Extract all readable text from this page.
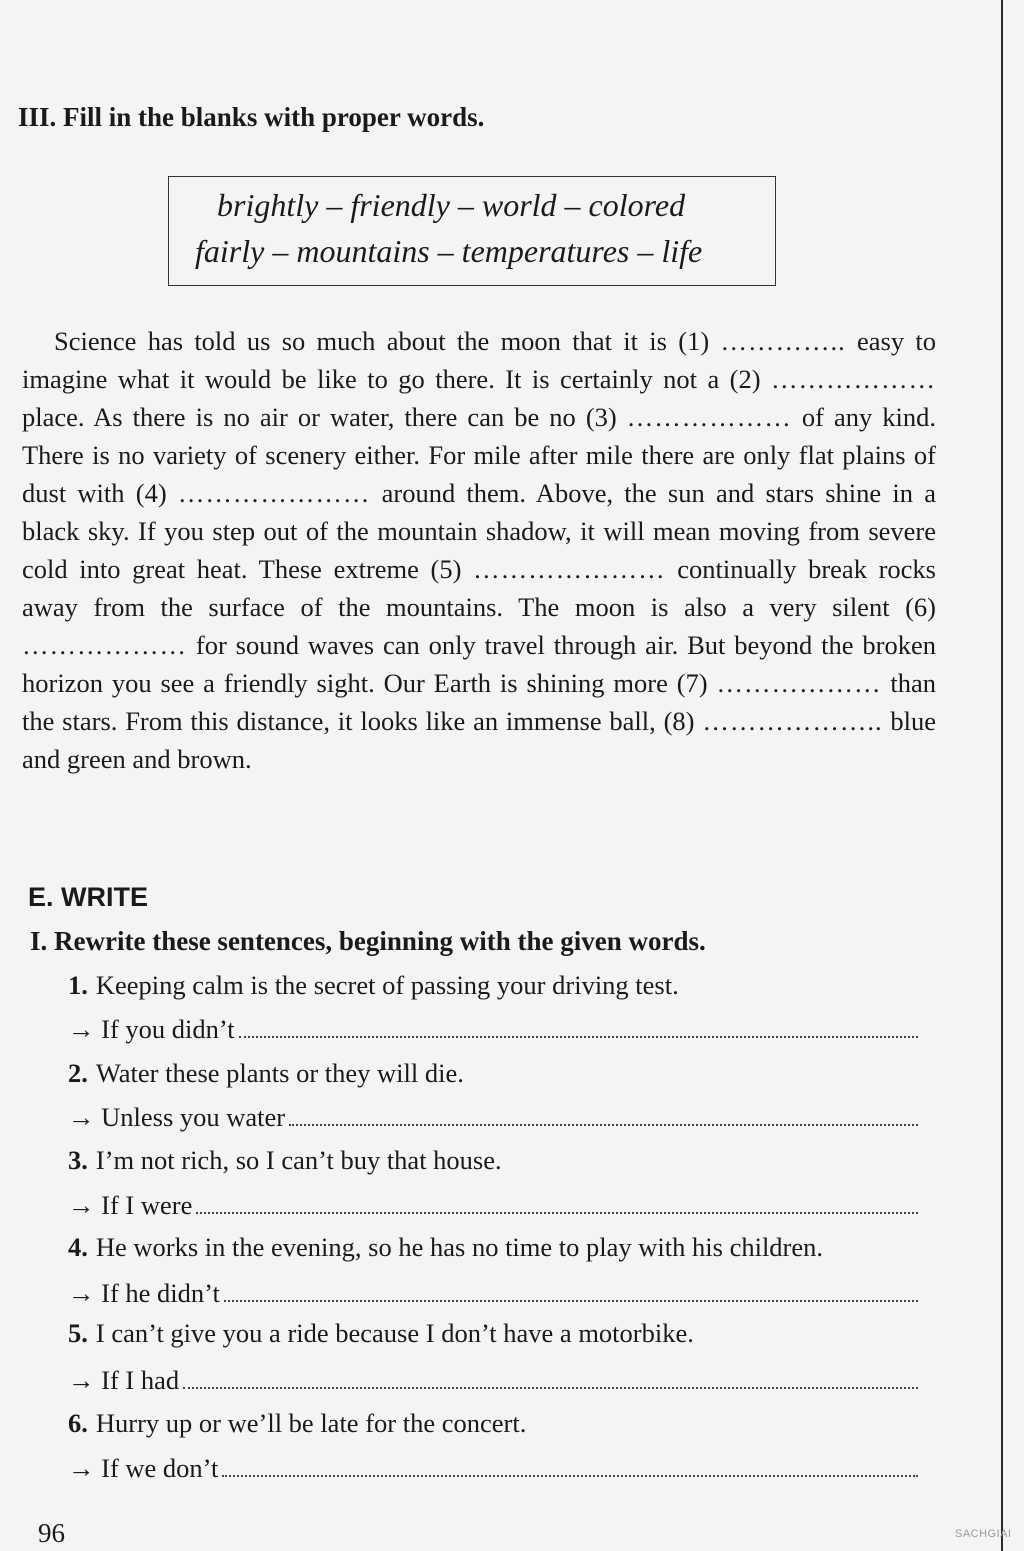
III. Fill in the blanks with proper words.
brightly – friendly – world – colored
fairly – mountains – temperatures – life

Science has told us so much about the moon that it is (1) ………….. easy to imagine what it would be like to go there. It is certainly not a (2) ……………… place. As there is no air or water, there can be no (3) ……………… of any kind. There is no variety of scenery either. For mile after mile there are only flat plains of dust with (4) ………………… around them. Above, the sun and stars shine in a black sky. If you step out of the mountain shadow, it will mean moving from severe cold into great heat. These extreme (5) ………………… continually break rocks away from the surface of the mountains. The moon is also a very silent (6) ……………… for sound waves can only travel through air. But beyond the broken horizon you see a friendly sight. Our Earth is shining more (7) ……………… than the stars. From this distance, it looks like an immense ball, (8) ……………….. blue and green and brown.

E. WRITE
I. Rewrite these sentences, beginning with the given words.
1. Keeping calm is the secret of passing your driving test.
→ If you didn’t
2. Water these plants or they will die.
→ Unless you water
3. I’m not rich, so I can’t buy that house.
→ If I were
4. He works in the evening, so he has no time to play with his children.
→ If he didn’t
5. I can’t give you a ride because I don’t have a motorbike.
→ If I had
6. Hurry up or we’ll be late for the concert.
→ If we don’t
96	SACHGIAI
